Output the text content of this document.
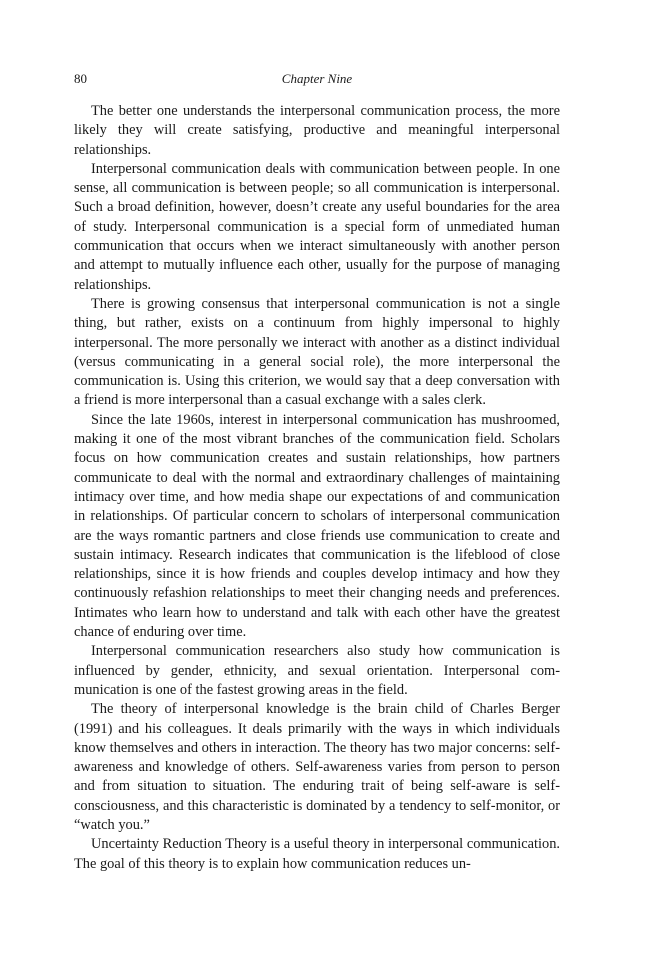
80	Chapter Nine

The better one understands the interpersonal communication process, the more likely they will create satisfying, productive and meaningful interpersonal relationships.

Interpersonal communication deals with communication between people. In one sense, all communication is between people; so all communication is interpersonal. Such a broad definition, however, doesn’t create any useful boundaries for the area of study. Interpersonal communication is a special form of unmediated human communication that occurs when we interact simultaneously with another person and attempt to mutually influence each other, usually for the purpose of managing relationships.

There is growing consensus that interpersonal communication is not a single thing, but rather, exists on a continuum from highly impersonal to highly interpersonal. The more personally we interact with another as a distinct individual (versus communicating in a general social role), the more interpersonal the communication is. Using this criterion, we would say that a deep conversation with a friend is more interpersonal than a casual exchange with a sales clerk.

Since the late 1960s, interest in interpersonal communication has mushroomed, making it one of the most vibrant branches of the communication field. Scholars focus on how communication creates and sustain relationships, how partners communicate to deal with the normal and extraordinary challenges of maintaining intimacy over time, and how media shape our expectations of and communication in relationships. Of particular concern to scholars of interpersonal communication are the ways romantic partners and close friends use communication to create and sustain intimacy. Research indicates that communication is the lifeblood of close relationships, since it is how friends and couples develop intimacy and how they continuously refashion relationships to meet their changing needs and preferences. Intimates who learn how to understand and talk with each other have the greatest chance of enduring over time.

Interpersonal communication researchers also study how communication is influenced by gender, ethnicity, and sexual orientation. Interpersonal communication is one of the fastest growing areas in the field.

The theory of interpersonal knowledge is the brain child of Charles Berger (1991) and his colleagues. It deals primarily with the ways in which individuals know themselves and others in interaction. The theory has two major concerns: self-awareness and knowledge of others. Self-awareness varies from person to person and from situation to situation. The enduring trait of being self-aware is self-consciousness, and this characteristic is dominated by a tendency to self-monitor, or “watch you.”

Uncertainty Reduction Theory is a useful theory in interpersonal communication. The goal of this theory is to explain how communication reduces un-
